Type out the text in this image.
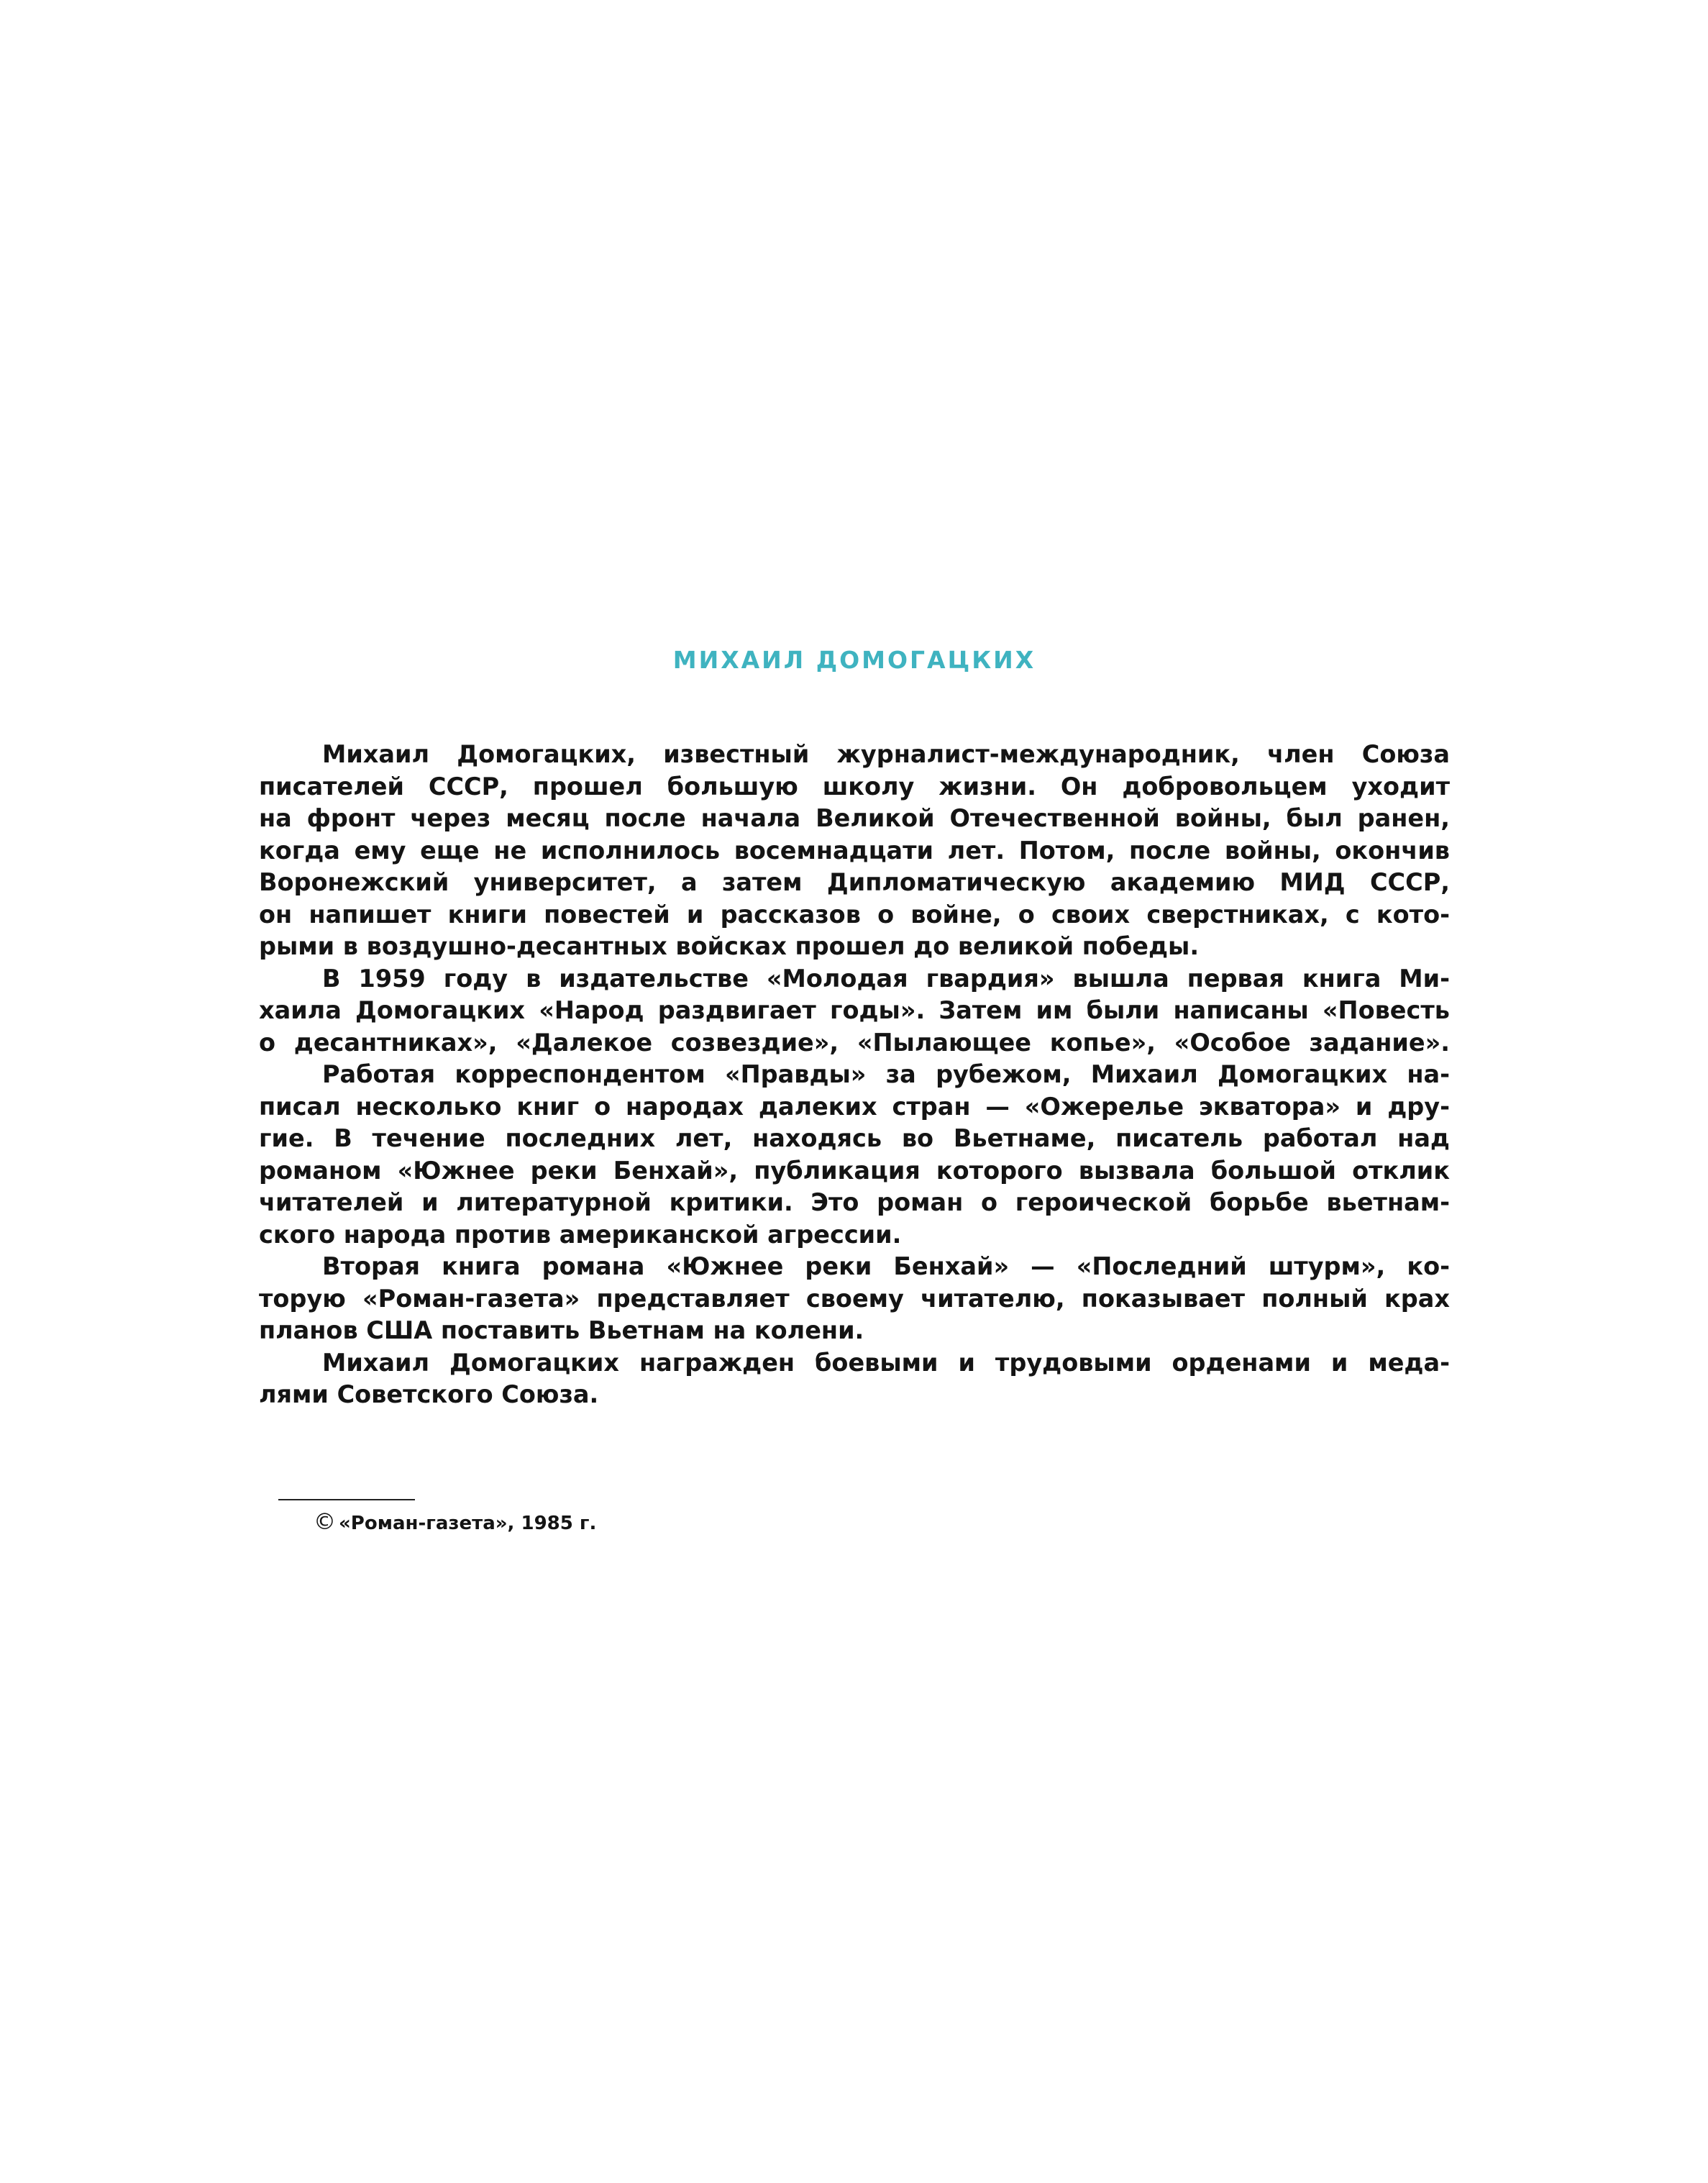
МИХАИЛ ДОМОГАЦКИХ
Михаил Домогацких, известный журналист-международник, член Союза
писателей СССР, прошел большую школу жизни. Он добровольцем уходит
на фронт через месяц после начала Великой Отечественной войны, был ранен,
когда ему еще не исполнилось восемнадцати лет. Потом, после войны, окончив
Воронежский университет, а затем Дипломатическую академию МИД СССР,
он напишет книги повестей и рассказов о войне, о своих сверстниках, с кото-
рыми в воздушно-десантных войсках прошел до великой победы.
В 1959 году в издательстве «Молодая гвардия» вышла первая книга Ми-
хаила Домогацких «Народ раздвигает годы». Затем им были написаны «Повесть
о десантниках», «Далекое созвездие», «Пылающее копье», «Особое задание».
Работая корреспондентом «Правды» за рубежом, Михаил Домогацких на-
писал несколько книг о народах далеких стран — «Ожерелье экватора» и дру-
гие. В течение последних лет, находясь во Вьетнаме, писатель работал над
романом «Южнее реки Бенхай», публикация которого вызвала большой отклик
читателей и литературной критики. Это роман о героической борьбе вьетнам-
ского народа против американской агрессии.
Вторая книга романа «Южнее реки Бенхай» — «Последний штурм», ко-
торую «Роман-газета» представляет своему читателю, показывает полный крах
планов США поставить Вьетнам на колени.
Михаил Домогацких награжден боевыми и трудовыми орденами и меда-
лями Советского Союза.
© «Роман-газета», 1985 г.
